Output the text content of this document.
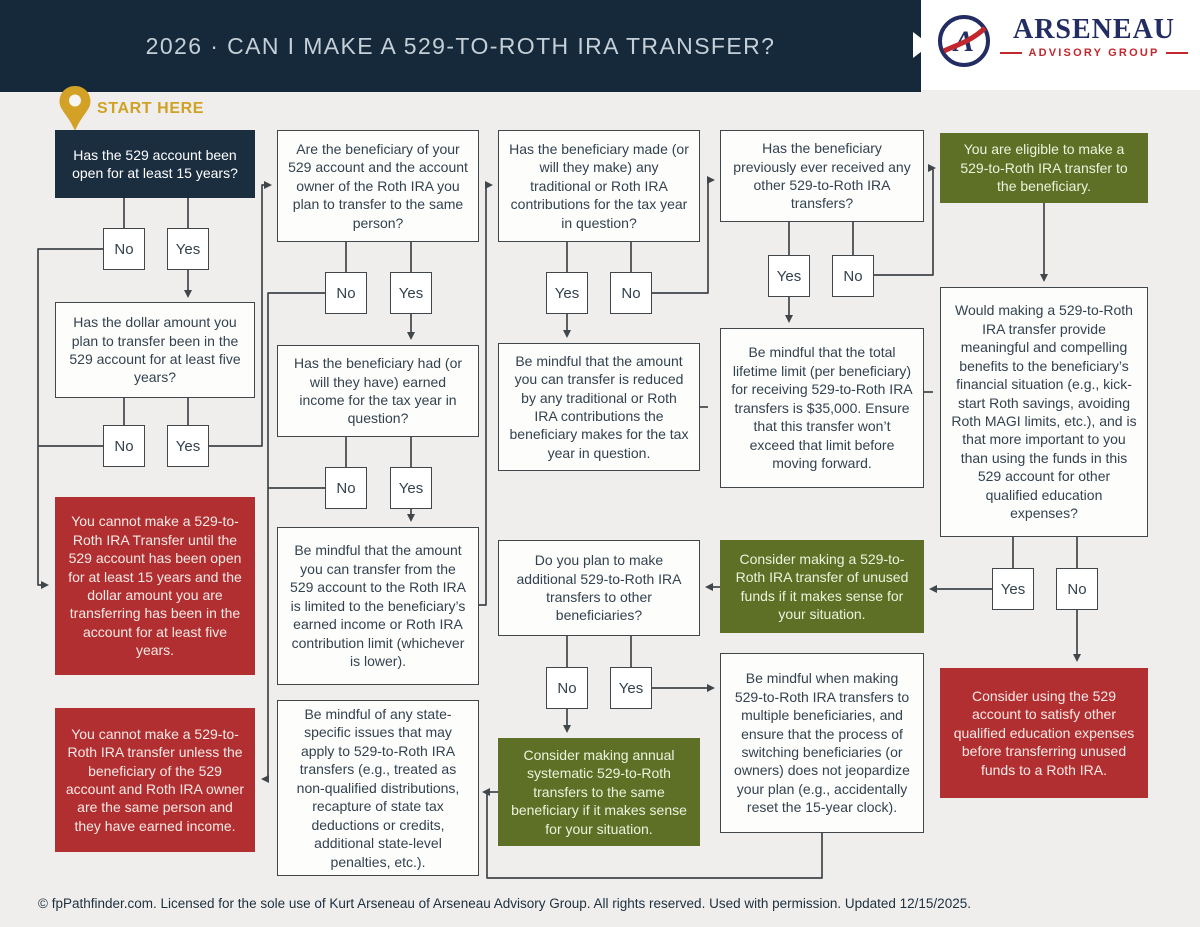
2026 · CAN I MAKE A 529-TO-ROTH IRA TRANSFER?	A	ARSENEAU
ADVISORY GROUP
START HERE
Has the 529 account been open for at least 15 years?
No	Yes
Has the dollar amount you plan to transfer been in the 529 account for at least five years?
No	Yes
You cannot make a 529-to-Roth IRA Transfer until the 529 account has been open for at least 15 years and the dollar amount you are transferring has been in the account for at least five years.
You cannot make a 529-to-Roth IRA transfer unless the beneficiary of the 529 account and Roth IRA owner are the same person and they have earned income.
Are the beneficiary of your 529 account and the account owner of the Roth IRA you plan to transfer to the same person?
No	Yes
Has the beneficiary had (or will they have) earned income for the tax year in question?
No	Yes
Be mindful that the amount you can transfer from the 529 account to the Roth IRA is limited to the beneficiary’s earned income or Roth IRA contribution limit (whichever is lower).
Be mindful of any state-specific issues that may apply to 529-to-Roth IRA transfers (e.g., treated as non-qualified distributions, recapture of state tax deductions or credits, additional state-level penalties, etc.).
Has the beneficiary made (or will they make) any traditional or Roth IRA contributions for the tax year in question?
Yes	No
Be mindful that the amount you can transfer is reduced by any traditional or Roth IRA contributions the beneficiary makes for the tax year in question.
Do you plan to make additional 529-to-Roth IRA transfers to other beneficiaries?
No	Yes
Consider making annual systematic 529-to-Roth transfers to the same beneficiary if it makes sense for your situation.
Has the beneficiary previously ever received any other 529-to-Roth IRA transfers?
Yes	No
Be mindful that the total lifetime limit (per beneficiary) for receiving 529-to-Roth IRA transfers is $35,000. Ensure that this transfer won’t exceed that limit before moving forward.
Consider making a 529-to-Roth IRA transfer of unused funds if it makes sense for your situation.
Be mindful when making 529-to-Roth IRA transfers to multiple beneficiaries, and ensure that the process of switching beneficiaries (or owners) does not jeopardize your plan (e.g., accidentally reset the 15-year clock).
You are eligible to make a 529-to-Roth IRA transfer to the beneficiary.
Would making a 529-to-Roth IRA transfer provide meaningful and compelling benefits to the beneficiary’s financial situation (e.g., kick-start Roth savings, avoiding Roth MAGI limits, etc.), and is that more important to you than using the funds in this 529 account for other qualified education expenses?
Yes	No
Consider using the 529 account to satisfy other qualified education expenses before transferring unused funds to a Roth IRA.
© fpPathfinder.com. Licensed for the sole use of Kurt Arseneau of Arseneau Advisory Group. All rights reserved. Used with permission. Updated 12/15/2025.
